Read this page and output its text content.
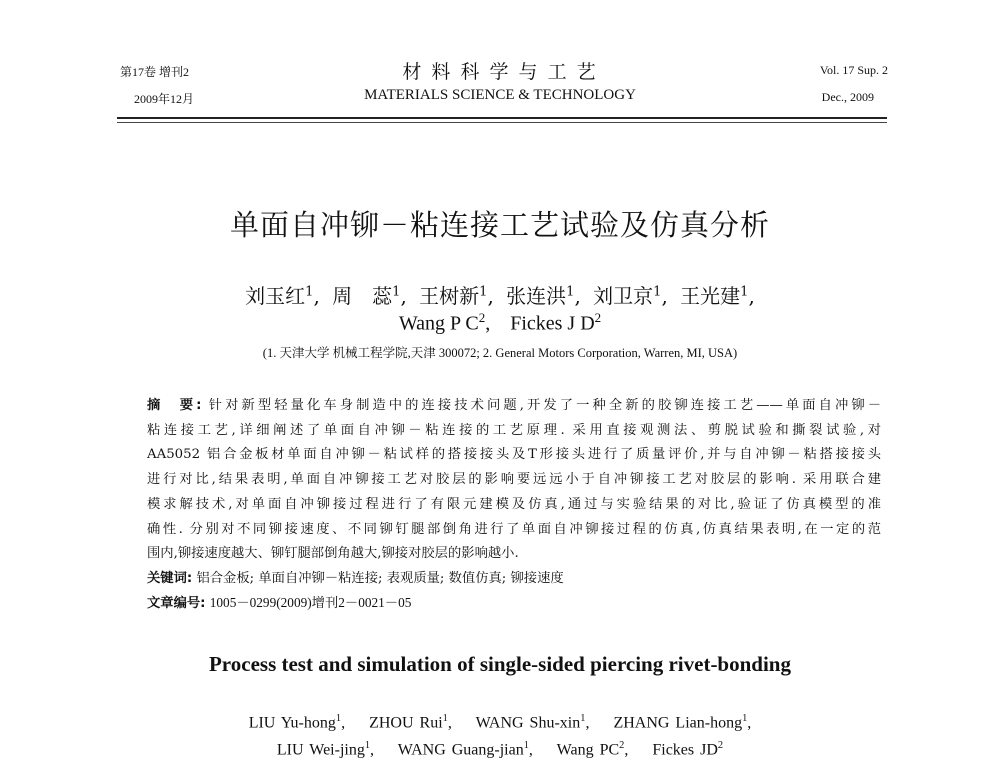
第17卷 增刊2
2009年12月
材 料 科 学 与 工 艺
MATERIALS SCIENCE & TECHNOLOGY
Vol. 17 Sup. 2
Dec., 2009
单面自冲铆－粘连接工艺试验及仿真分析
刘玉红$^1$, 周　蕊$^1$, 王树新$^1$, 张连洪$^1$, 刘卫京$^1$, 王光建$^1$,
Wang P $C^2$,    Fickes J $D^2$
(1. 天津大学 机械工程学院,天津 300072; 2. General Motors Corporation, Warren, MI, USA)
摘　要: 针对新型轻量化车身制造中的连接技术问题,开发了一种全新的胶铆连接工艺——单面自冲铆－
粘连接工艺,详细阐述了单面自冲铆－粘连接的工艺原理. 采用直接观测法、剪脱试验和撕裂试验,对
AA5052 铝合金板材单面自冲铆－粘试样的搭接接头及T形接头进行了质量评价,并与自冲铆－粘搭接接头
进行对比,结果表明,单面自冲铆接工艺对胶层的影响要远远小于自冲铆接工艺对胶层的影响. 采用联合建
模求解技术,对单面自冲铆接过程进行了有限元建模及仿真,通过与实验结果的对比,验证了仿真模型的准
确性. 分别对不同铆接速度、不同铆钉腿部倒角进行了单面自冲铆接过程的仿真,仿真结果表明,在一定的范
围内,铆接速度越大、铆钉腿部倒角越大,铆接对胶层的影响越小.
关键词: 铝合金板; 单面自冲铆－粘连接; 表观质量; 数值仿真; 铆接速度
文章编号: 1005－0299(2009)增刊2－0021－05
Process test and simulation of single-sided piercing rivet-bonding
LIU Yu-hong$^1$,    ZHOU Rui$^1$,    WANG Shu-xin$^1$,    ZHANG Lian-hong$^1$,
LIU Wei-jing$^1$,    WANG Guang-jian$^1$,    Wang $PC^2$,    Fickes $JD^2$
